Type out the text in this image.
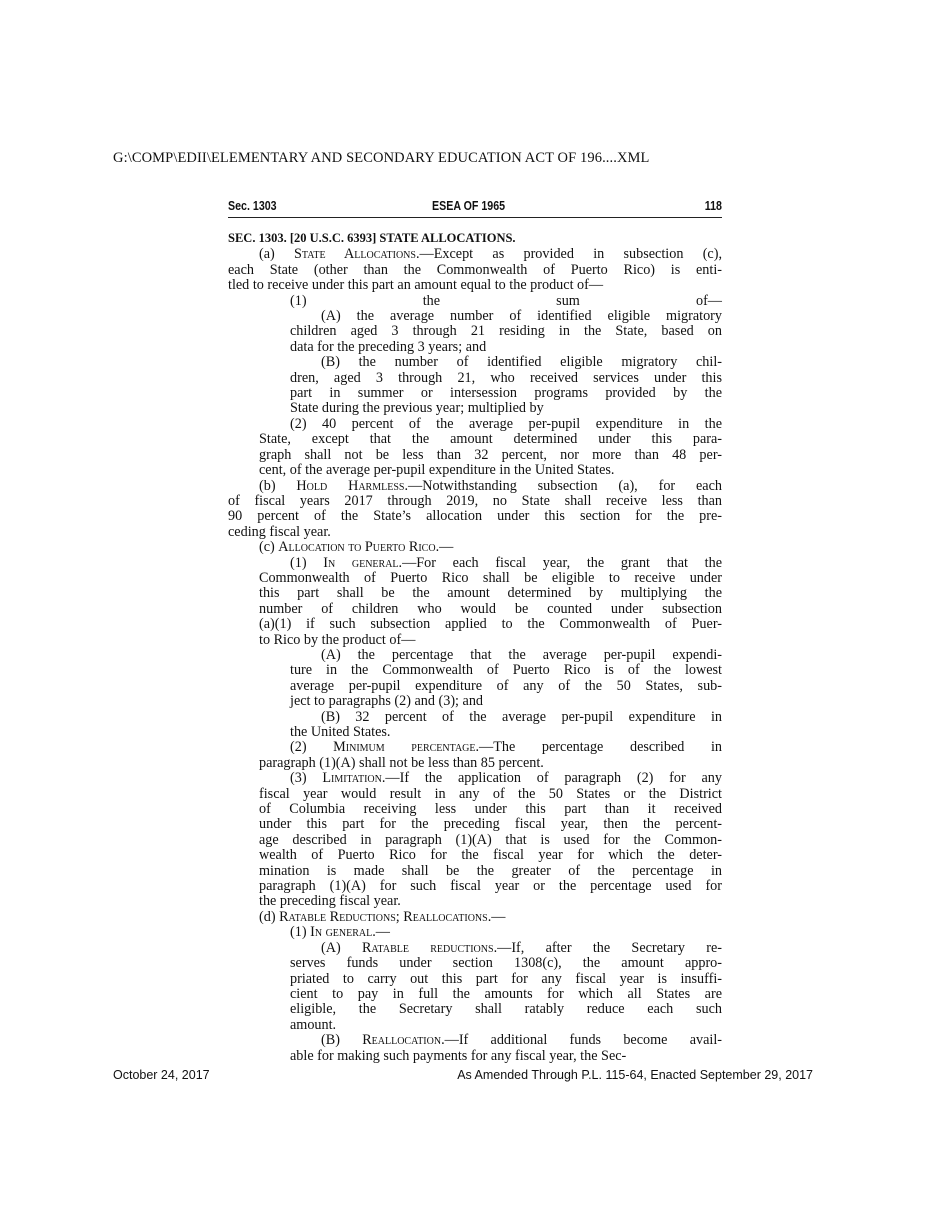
G:\COMP\EDII\ELEMENTARY AND SECONDARY EDUCATION ACT OF 196....XML
Sec. 1303	ESEA OF 1965	118
SEC. 1303. [20 U.S.C. 6393] STATE ALLOCATIONS.
(a) State Allocations.—Except as provided in subsection (c),
each State (other than the Commonwealth of Puerto Rico) is enti-
tled to receive under this part an amount equal to the product of—
(1) the sum of—
(A) the average number of identified eligible migratory
children aged 3 through 21 residing in the State, based on
data for the preceding 3 years; and
(B) the number of identified eligible migratory chil-
dren, aged 3 through 21, who received services under this
part in summer or intersession programs provided by the
State during the previous year; multiplied by
(2) 40 percent of the average per-pupil expenditure in the
State, except that the amount determined under this para-
graph shall not be less than 32 percent, nor more than 48 per-
cent, of the average per-pupil expenditure in the United States.
(b) Hold Harmless.—Notwithstanding subsection (a), for each
of fiscal years 2017 through 2019, no State shall receive less than
90 percent of the State’s allocation under this section for the pre-
ceding fiscal year.
(c) Allocation to Puerto Rico.—
(1) In general.—For each fiscal year, the grant that the
Commonwealth of Puerto Rico shall be eligible to receive under
this part shall be the amount determined by multiplying the
number of children who would be counted under subsection
(a)(1) if such subsection applied to the Commonwealth of Puer-
to Rico by the product of—
(A) the percentage that the average per-pupil expendi-
ture in the Commonwealth of Puerto Rico is of the lowest
average per-pupil expenditure of any of the 50 States, sub-
ject to paragraphs (2) and (3); and
(B) 32 percent of the average per-pupil expenditure in
the United States.
(2) Minimum percentage.—The percentage described in
paragraph (1)(A) shall not be less than 85 percent.
(3) Limitation.—If the application of paragraph (2) for any
fiscal year would result in any of the 50 States or the District
of Columbia receiving less under this part than it received
under this part for the preceding fiscal year, then the percent-
age described in paragraph (1)(A) that is used for the Common-
wealth of Puerto Rico for the fiscal year for which the deter-
mination is made shall be the greater of the percentage in
paragraph (1)(A) for such fiscal year or the percentage used for
the preceding fiscal year.
(d) Ratable Reductions; Reallocations.—
(1) In general.—
(A) Ratable reductions.—If, after the Secretary re-
serves funds under section 1308(c), the amount appro-
priated to carry out this part for any fiscal year is insuffi-
cient to pay in full the amounts for which all States are
eligible, the Secretary shall ratably reduce each such
amount.
(B) Reallocation.—If additional funds become avail-
able for making such payments for any fiscal year, the Sec-
October 24, 2017	As Amended Through P.L. 115-64, Enacted September 29, 2017
